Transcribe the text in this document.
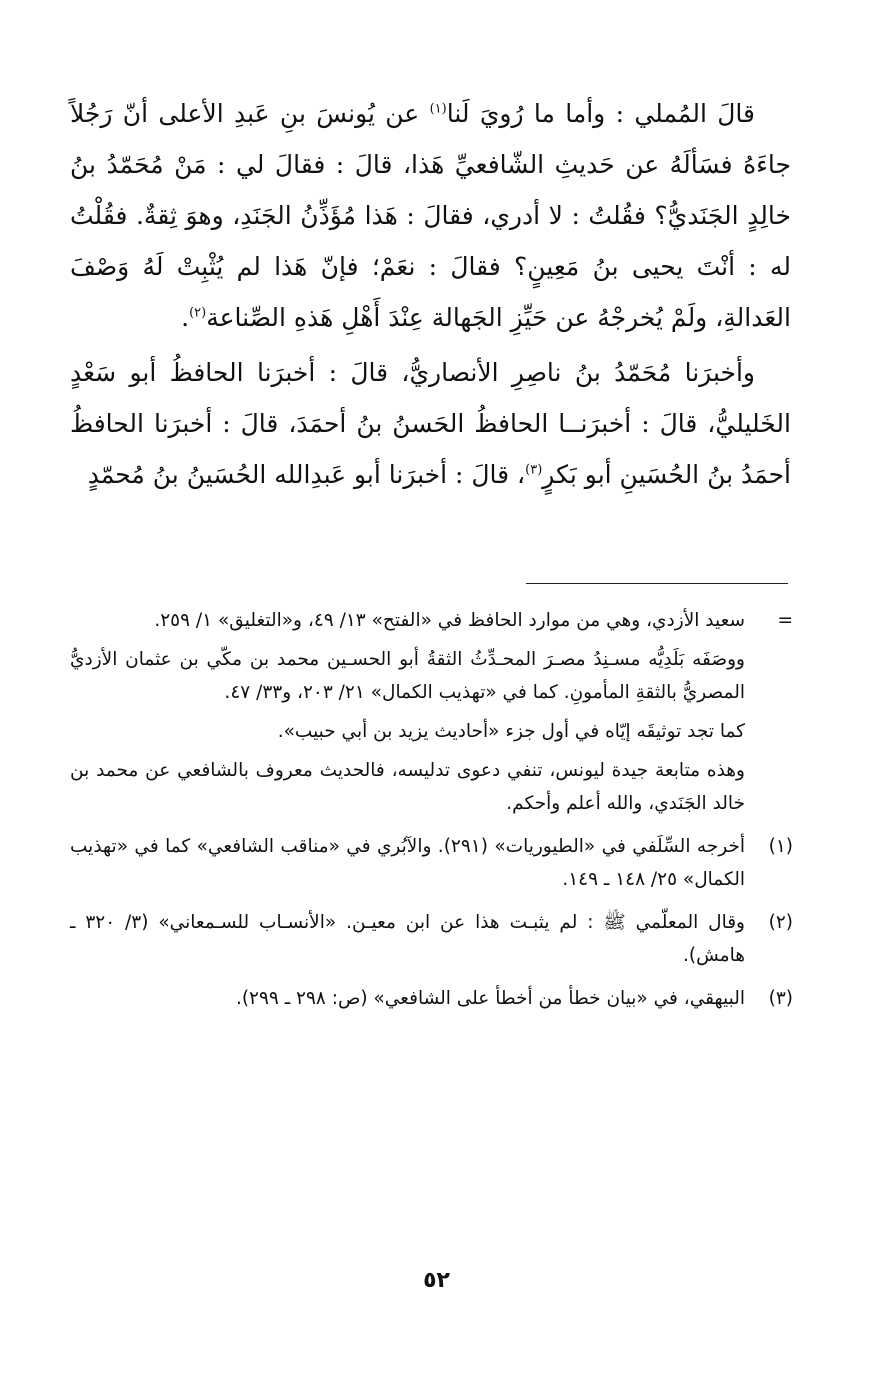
قالَ المُملي : وأما ما رُويَ لَنا$^{(١)}$ عن يُونسَ بنِ عَبدِ الأعلى أنّ رَجُلاً جاءَهُ فسَألَهُ عن حَديثِ الشّافعيِّ هَذا، قالَ : فقالَ لي : مَنْ مُحَمّدُ بنُ خالِدٍ الجَنَديُّ؟ فقُلتُ : لا أدري، فقالَ : هَذا مُؤَذِّنُ الجَنَدِ، وهوَ ثِقةٌ. فقُلْتُ له : أنْتَ يحيى بنُ مَعِينٍ؟ فقالَ : نعَمْ؛ فإنّ هَذا لم يُثْبِتْ لَهُ وَصْفَ العَدالةِ، ولَمْ يُخرجْهُ عن حَيِّزِ الجَهالة عِنْدَ أَهْلِ هَذهِ الصِّناعة$^{(٢)}$.

وأخبرَنا مُحَمّدُ بنُ ناصِرِ الأنصاريُّ، قالَ : أخبرَنا الحافظُ أبو سَعْدٍ الخَليليُّ، قالَ : أخبرَنــا الحافظُ الحَسنُ بنُ أحمَدَ، قالَ : أخبرَنا الحافظُ أحمَدُ بنُ الحُسَينِ أبو بَكرٍ$^{(٣)}$، قالَ : أخبرَنا أبو عَبدِالله الحُسَينُ بنُ مُحمّدٍ

=
سعيد الأزدي، وهي من موارد الحافظ في «الفتح» ١٣/ ٤٩، و«التغليق» ١/ ٢٥٩.
ووصَفَه بَلَدِيُّه مسـنِدُ مصـرَ المحـدِّثُ الثقةُ أبو الحسـين محمد بن مكّي بن عثمان الأزديُّ المصريُّ بالثقةِ المأمونِ. كما في «تهذيب الكمال» ٢١/ ٢٠٣، و٣٣/ ٤٧.
كما تجد توثيقَه إيّاه في أول جزء «أحاديث يزيد بن أبي حبيب».
وهذه متابعة جيدة ليونس، تنفي دعوى تدليسه، فالحديث معروف بالشافعي عن محمد بن خالد الجَنَدي، والله أعلم وأحكم.
(١)
أخرجه السِّلَفي في «الطيوريات» (٢٩١). والآبُري في «مناقب الشافعي» كما في «تهذيب الكمال» ٢٥/ ١٤٨ ـ ١٤٩.
(٢)
وقال المعلّمي ﷺ : لم يثبـت هذا عن ابن معيـن. «الأنسـاب للسـمعاني» (٣/ ٣٢٠ ـ هامش).
(٣)
البيهقي، في «بيان خطأ من أخطأ على الشافعي» (ص: ٢٩٨ ـ ٢٩٩).
٥٢
